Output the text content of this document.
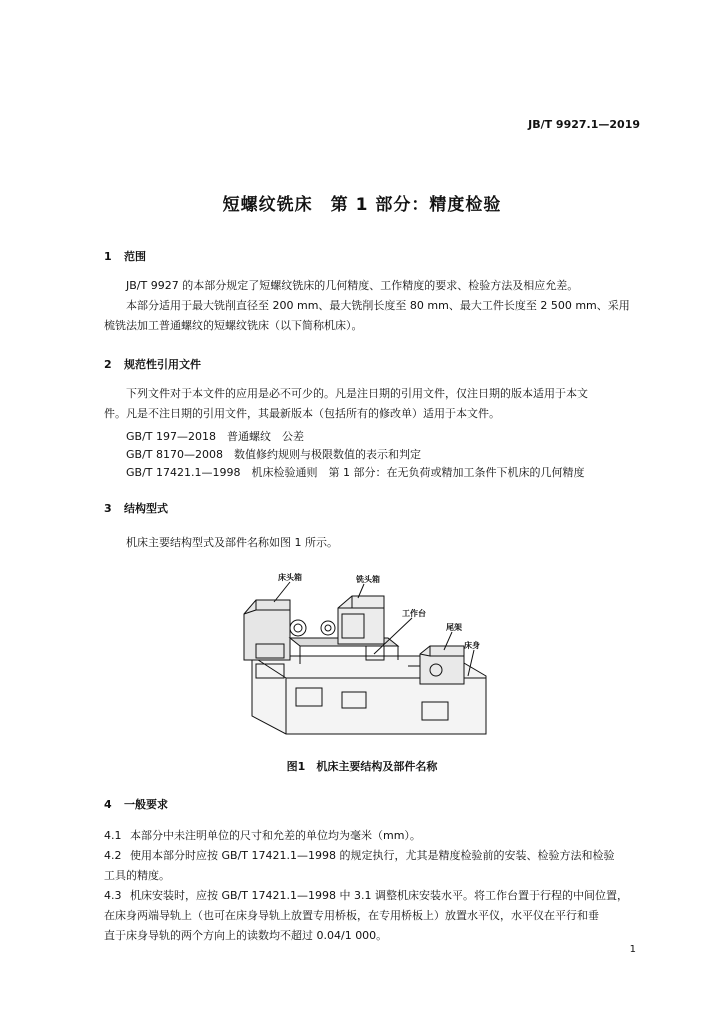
JB/T 9927.1—2019
短螺纹铣床　第 1 部分：精度检验
1 范围
JB/T 9927 的本部分规定了短螺纹铣床的几何精度、工作精度的要求、检验方法及相应允差。
本部分适用于最大铣削直径至 200 mm、最大铣削长度至 80 mm、最大工件长度至 2 500 mm、采用
梳铣法加工普通螺纹的短螺纹铣床（以下简称机床）。
2 规范性引用文件
下列文件对于本文件的应用是必不可少的。凡是注日期的引用文件，仅注日期的版本适用于本文
件。凡是不注日期的引用文件，其最新版本（包括所有的修改单）适用于本文件。
GB/T 197—2018　普通螺纹　公差
GB/T 8170—2008　数值修约规则与极限数值的表示和判定
GB/T 17421.1—1998　机床检验通则　第 1 部分：在无负荷或精加工条件下机床的几何精度
3 结构型式
机床主要结构型式及部件名称如图 1 所示。
床头箱	铣头箱
工作台
尾架
床身
图1　机床主要结构及部件名称
4 一般要求
4.1 本部分中未注明单位的尺寸和允差的单位均为毫米（mm）。
4.2 使用本部分时应按 GB/T 17421.1—1998 的规定执行，尤其是精度检验前的安装、检验方法和检验
工具的精度。
4.3 机床安装时，应按 GB/T 17421.1—1998 中 3.1 调整机床安装水平。将工作台置于行程的中间位置，
在床身两端导轨上（也可在床身导轨上放置专用桥板，在专用桥板上）放置水平仪，水平仪在平行和垂
直于床身导轨的两个方向上的读数均不超过 0.04/1 000。
1
